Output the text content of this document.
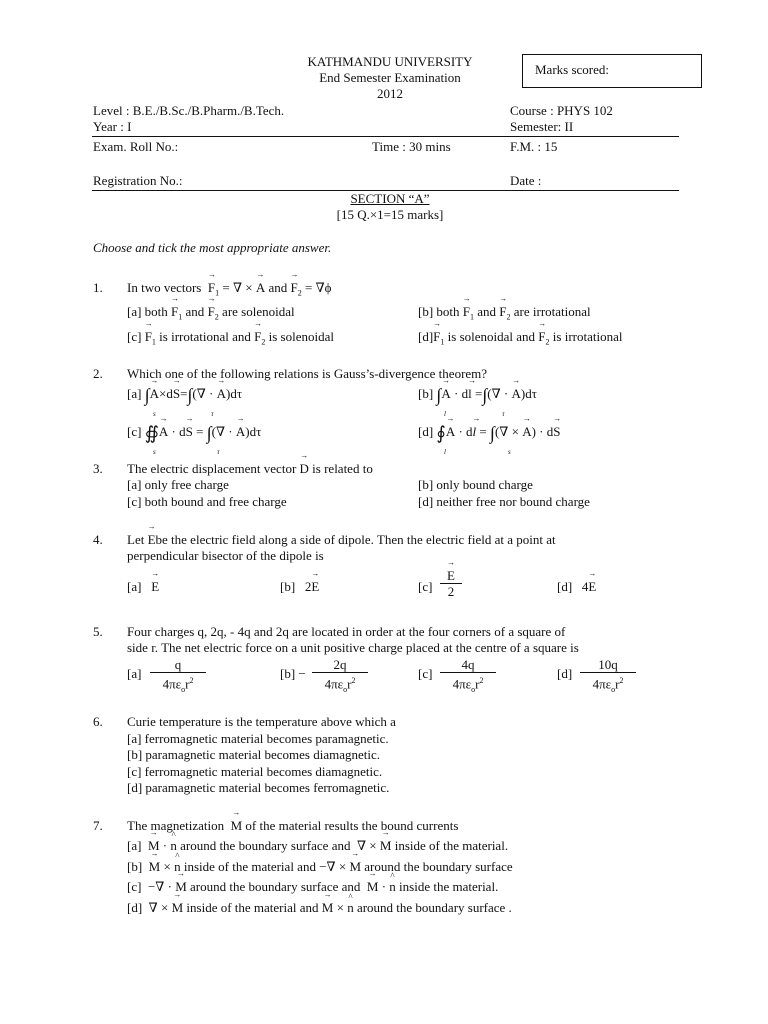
KATHMANDU UNIVERSITY
End Semester Examination
2012
Marks scored:
Level : B.E./B.Sc./B.Pharm./B.Tech.	Course : PHYS 102
Year : I	Semester: II
Exam. Roll No.:	Time : 30 mins	F.M. : 15
Registration No.:	Date :
SECTION “A”
[15 Q.×1=15 marks]
Choose and tick the most appropriate answer.
1. In two vectors  → $F_1$ = ∇ × → A and → $F_2 = \nabla\phi$
[a] both → $F_1$ and → $F_2$ are solenoidal	[b] both → $F_1$ and → $F_2$ are irrotational
$[c] \to F_1$ is irrotational and → $F_2$ is solenoidal	$[d]\to F_1$ is solenoidal and → $F_2$ is irrotational
2. Which one of the following relations is Gauss’s-divergence theorem?
[a] ∫→ A×d→ S=∫(∇ · → A)dτ
s	τ
[b] ∫→ A · d→ l =∫(∇ · → A)dτ
l	τ
[c] ∯→ A · d→ S = ∫(∇ · → A)dτ
s	τ
[d] ∮→ A · d→ l = ∫(∇ × → A) · d→ S
l	s
3. The electric displacement vector → D is related to
[a] only free charge	[b] only bound charge
[c] both bound and free charge	[d] neither free nor bound charge
4. Let → Ebe the electric field along a side of dipole. Then the electric field at a point at
perpendicular bisector of the dipole is
[a]   → E	[b] 2→ E	[c]
→ $\frac{E}{2}$	[d] 4→ E
5. Four charges q, 2q, - 4q and 2q are located in order at the four corners of a square of
side r. The net electric force on a unit positive charge placed at the centre of a square is
[a]
q
$4\pi\varepsilon_or^2$	[b] −
2q
$4\pi\varepsilon_or^2$	[c]
4q
$4\pi\varepsilon_or^2$	[d]
10q
$4\pi\varepsilon_or^2$
6. Curie temperature is the temperature above which a
[a] ferromagnetic material becomes paramagnetic.
[b] paramagnetic material becomes diamagnetic.
[c] ferromagnetic material becomes diamagnetic.
[d] paramagnetic material becomes ferromagnetic.
7. The magnetization  → M of the material results the bound currents
[a]  → M · ^ n around the boundary surface and  ∇ × → M inside of the material.
[b]  → M × ^ n inside of the material and −∇ × → M around the boundary surface
[c]  −∇ · → M around the boundary surface and  → M · ^ n inside the material.
[d]  ∇ × → M inside of the material and → M × ^ n around the boundary surface .
